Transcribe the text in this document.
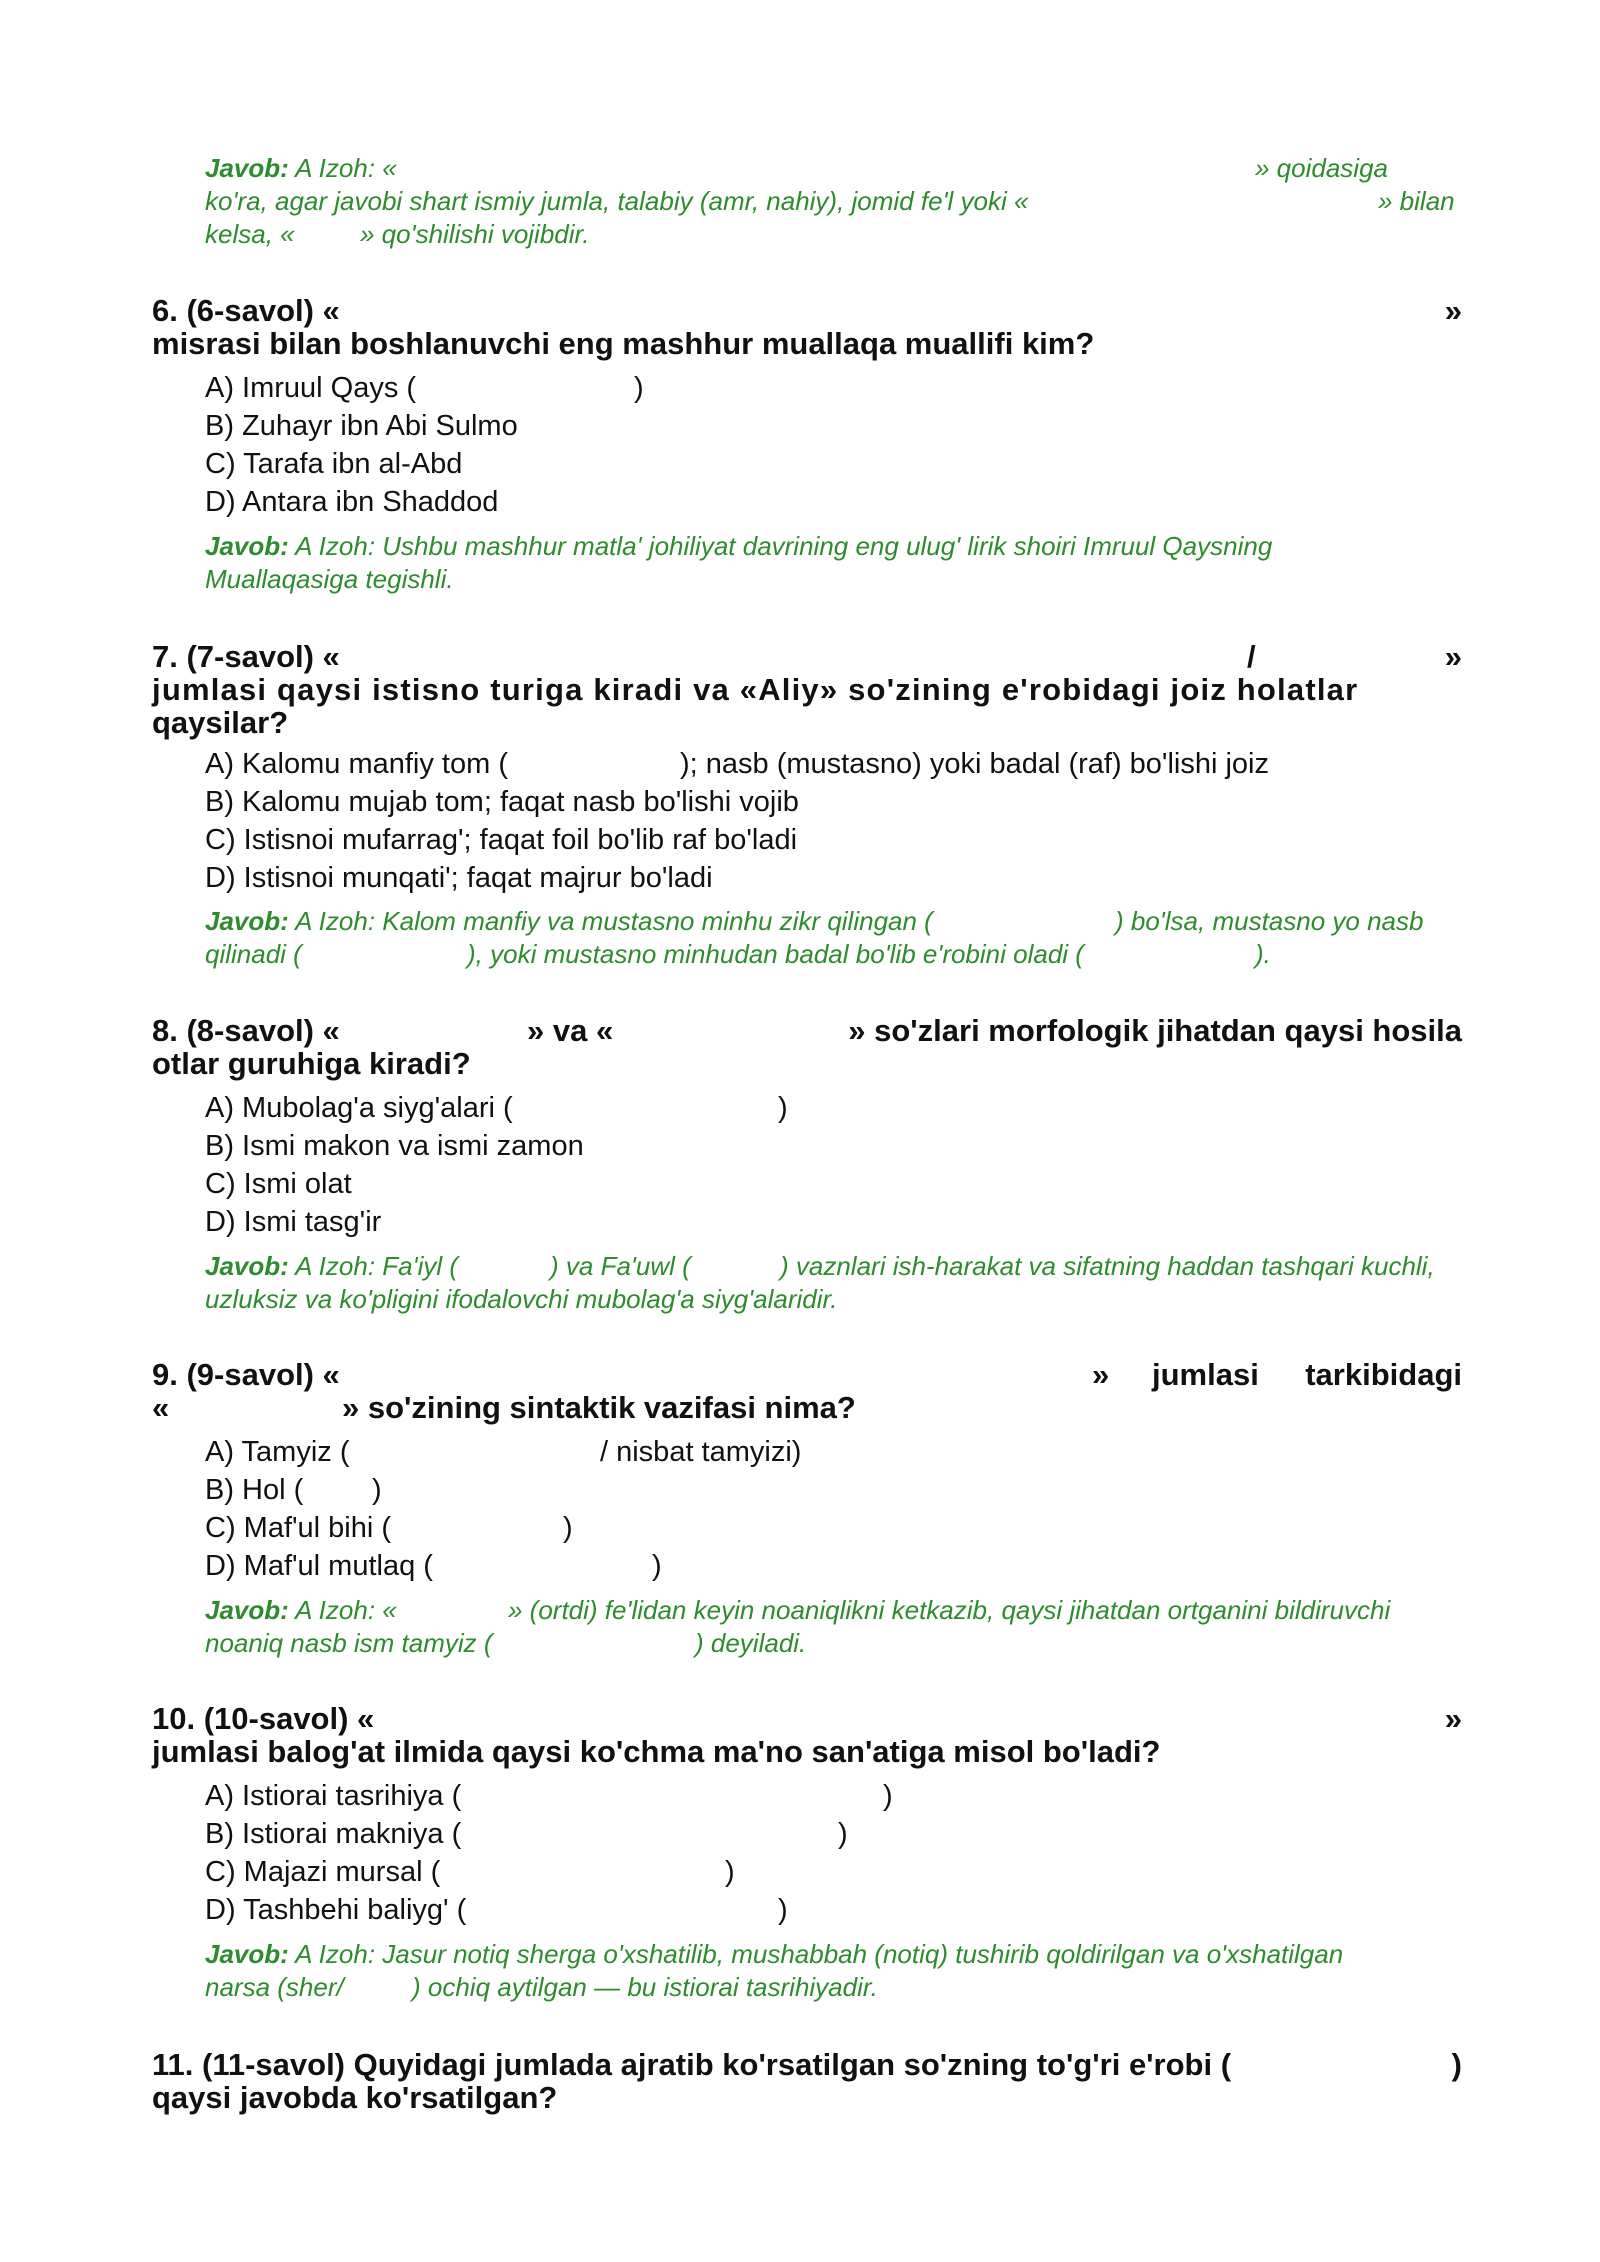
Javob: A Izoh: «	» qoidasiga
ko'ra, agar javobi shart ismiy jumla, talabiy (amr, nahiy), jomid fe'l yoki «	» bilan
kelsa, «	» qo'shilishi vojibdir.
6. (6-savol) «	»
misrasi bilan boshlanuvchi eng mashhur muallaqa muallifi kim?
A) Imruul Qays (	)
B) Zuhayr ibn Abi Sulmo
C) Tarafa ibn al-Abd
D) Antara ibn Shaddod
Javob: A Izoh: Ushbu mashhur matla' johiliyat davrining eng ulug' lirik shoiri Imruul Qaysning
Muallaqasiga tegishli.
7. (7-savol) «	/	»
jumlasi qaysi istisno turiga kiradi va «Aliy» so'zining e'robidagi joiz holatlar
qaysilar?
A) Kalomu manfiy tom (	); nasb (mustasno) yoki badal (raf) bo'lishi joiz
B) Kalomu mujab tom; faqat nasb bo'lishi vojib
C) Istisnoi mufarrag'; faqat foil bo'lib raf bo'ladi
D) Istisnoi munqati'; faqat majrur bo'ladi
Javob: A Izoh: Kalom manfiy va mustasno minhu zikr qilingan (	) bo'lsa, mustasno yo nasb
qilinadi (	), yoki mustasno minhudan badal bo'lib e'robini oladi (	).
8. (8-savol) «	» va «	» so'zlari morfologik jihatdan qaysi hosila
otlar guruhiga kiradi?
A) Mubolag'a siyg'alari (	)
B) Ismi makon va ismi zamon
C) Ismi olat
D) Ismi tasg'ir
Javob: A Izoh: Fa'iyl (	) va Fa'uwl (	) vaznlari ish-harakat va sifatning haddan tashqari kuchli,
uzluksiz va ko'pligini ifodalovchi mubolag'a siyg'alaridir.
9. (9-savol) «	» jumlasi tarkibidagi
«	» so'zining sintaktik vazifasi nima?
A) Tamyiz (	/ nisbat tamyizi)
B) Hol ( )
C) Maf'ul bihi (	)
D) Maf'ul mutlaq (	)
Javob: A Izoh: «	» (ortdi) fe'lidan keyin noaniqlikni ketkazib, qaysi jihatdan ortganini bildiruvchi
noaniq nasb ism tamyiz (	) deyiladi.
10. (10-savol) «	»
jumlasi balog'at ilmida qaysi ko'chma ma'no san'atiga misol bo'ladi?
A) Istiorai tasrihiya (	)
B) Istiorai makniya (	)
C) Majazi mursal (	)
D) Tashbehi baliyg' (	)
Javob: A Izoh: Jasur notiq sherga o'xshatilib, mushabbah (notiq) tushirib qoldirilgan va o'xshatilgan
narsa (sher/	) ochiq aytilgan — bu istiorai tasrihiyadir.
11. (11-savol) Quyidagi jumlada ajratib ko'rsatilgan so'zning to'g'ri e'robi (	)
qaysi javobda ko'rsatilgan?
